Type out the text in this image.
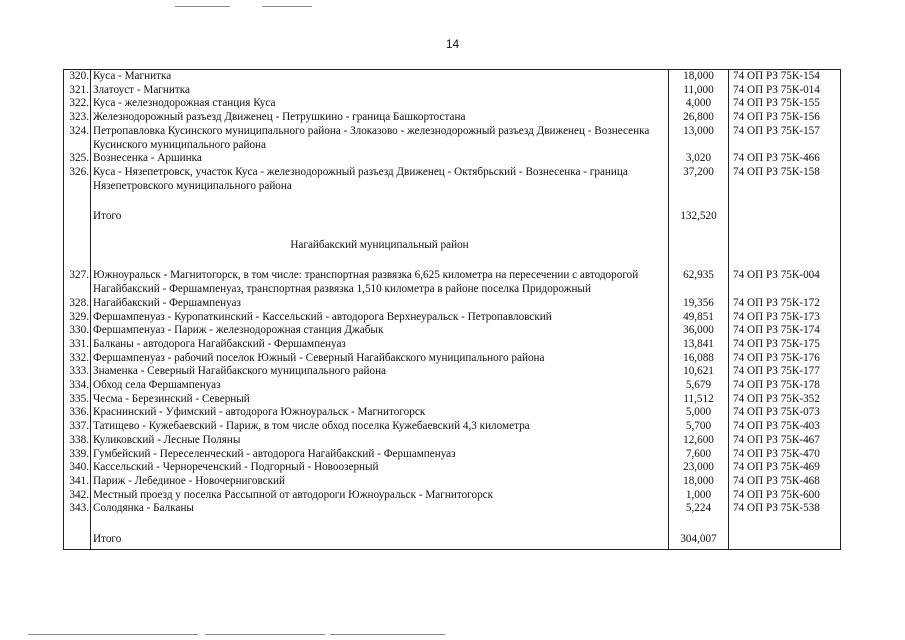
14
320.	Куса - Магнитка	18,000	74 ОП РЗ 75К-154
321.	Златоуст - Магнитка	11,000	74 ОП РЗ 75К-014
322.	Куса - железнодорожная станция Куса	4,000	74 ОП РЗ 75К-155
323.	Железнодорожный разъезд Движенец - Петрушкино - граница Башкортостана	26,800	74 ОП РЗ 75К-156
324.	Петропавловка Кусинского муниципального района - Злоказово - железнодорожный разъезд Движенец - Вознесенка Кусинского муниципального района	13,000	74 ОП РЗ 75К-157
325.	Вознесенка - Аршинка	3,020	74 ОП РЗ 75К-466
326.	Куса - Нязепетровск, участок Куса - железнодорожный разъезд Движенец - Октябрьский - Вознесенка - граница Нязепетровского муниципального района	37,200	74 ОП РЗ 75К-158

	Итого	132,520	
	Нагайбакский муниципальный район		
327.	Южноуральск - Магнитогорск, в том числе: транспортная развязка 6,625 километра на пересечении с автодорогой Нагайбакский - Фершампенуаз, транспортная развязка 1,510 километра в районе поселка Придорожный	62,935	74 ОП РЗ 75К-004
328.	Нагайбакский - Фершампенуаз	19,356	74 ОП РЗ 75К-172
329.	Фершампенуаз - Куропаткинский - Кассельский - автодорога Верхнеуральск - Петропавловский	49,851	74 ОП РЗ 75К-173
330.	Фершампенуаз - Париж - железнодорожная станция Джабык	36,000	74 ОП РЗ 75К-174
331.	Балканы - автодорога Нагайбакский - Фершампенуаз	13,841	74 ОП РЗ 75К-175
332.	Фершампенуаз - рабочий поселок Южный - Северный Нагайбакского муниципального района	16,088	74 ОП РЗ 75К-176
333.	Знаменка - Северный Нагайбакского муниципального района	10,621	74 ОП РЗ 75К-177
334.	Обход села Фершампенуаз	5,679	74 ОП РЗ 75К-178
335.	Чесма - Березинский - Северный	11,512	74 ОП РЗ 75К-352
336.	Краснинский - Уфимский - автодорога Южноуральск - Магнитогорск	5,000	74 ОП РЗ 75К-073
337.	Татищево - Кужебаевский - Париж, в том числе обход поселка Кужебаевский 4,3 километра	5,700	74 ОП РЗ 75К-403
338.	Куликовский - Лесные Поляны	12,600	74 ОП РЗ 75К-467
339.	Гумбейский - Переселенческий - автодорога Нагайбакский - Фершампенуаз	7,600	74 ОП РЗ 75К-470
340.	Кассельский - Чернореченский - Подгорный - Новоозерный	23,000	74 ОП РЗ 75К-469
341.	Париж - Лебединое - Новочерниговский	18,000	74 ОП РЗ 75К-468
342.	Местный проезд у поселка Рассыпной от автодороги Южноуральск - Магнитогорск	1,000	74 ОП РЗ 75К-600
343.	Солодянка - Балканы	5,224	74 ОП РЗ 75К-538

	Итого	304,007	
